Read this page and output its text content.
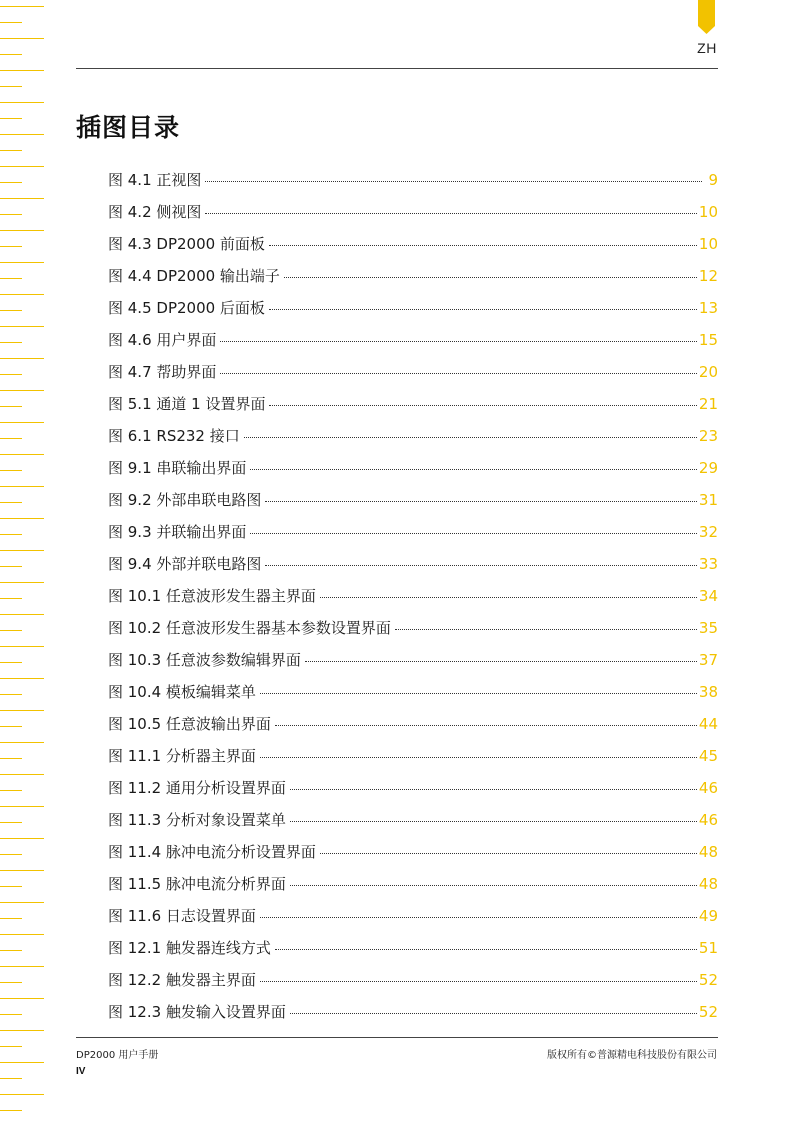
ZH
插图目录
图 4.1 正视图	9
图 4.2 侧视图	10
图 4.3 DP2000 前面板	10
图 4.4 DP2000 输出端子	12
图 4.5 DP2000 后面板	13
图 4.6 用户界面	15
图 4.7 帮助界面	20
图 5.1 通道 1 设置界面	21
图 6.1 RS232 接口	23
图 9.1 串联输出界面	29
图 9.2 外部串联电路图	31
图 9.3 并联输出界面	32
图 9.4 外部并联电路图	33
图 10.1 任意波形发生器主界面	34
图 10.2 任意波形发生器基本参数设置界面	35
图 10.3 任意波参数编辑界面	37
图 10.4 模板编辑菜单	38
图 10.5 任意波输出界面	44
图 11.1 分析器主界面	45
图 11.2 通用分析设置界面	46
图 11.3 分析对象设置菜单	46
图 11.4 脉冲电流分析设置界面	48
图 11.5 脉冲电流分析界面	48
图 11.6 日志设置界面	49
图 12.1 触发器连线方式	51
图 12.2 触发器主界面	52
图 12.3 触发输入设置界面	52
DP2000 用户手册	版权所有©普源精电科技股份有限公司
IV
